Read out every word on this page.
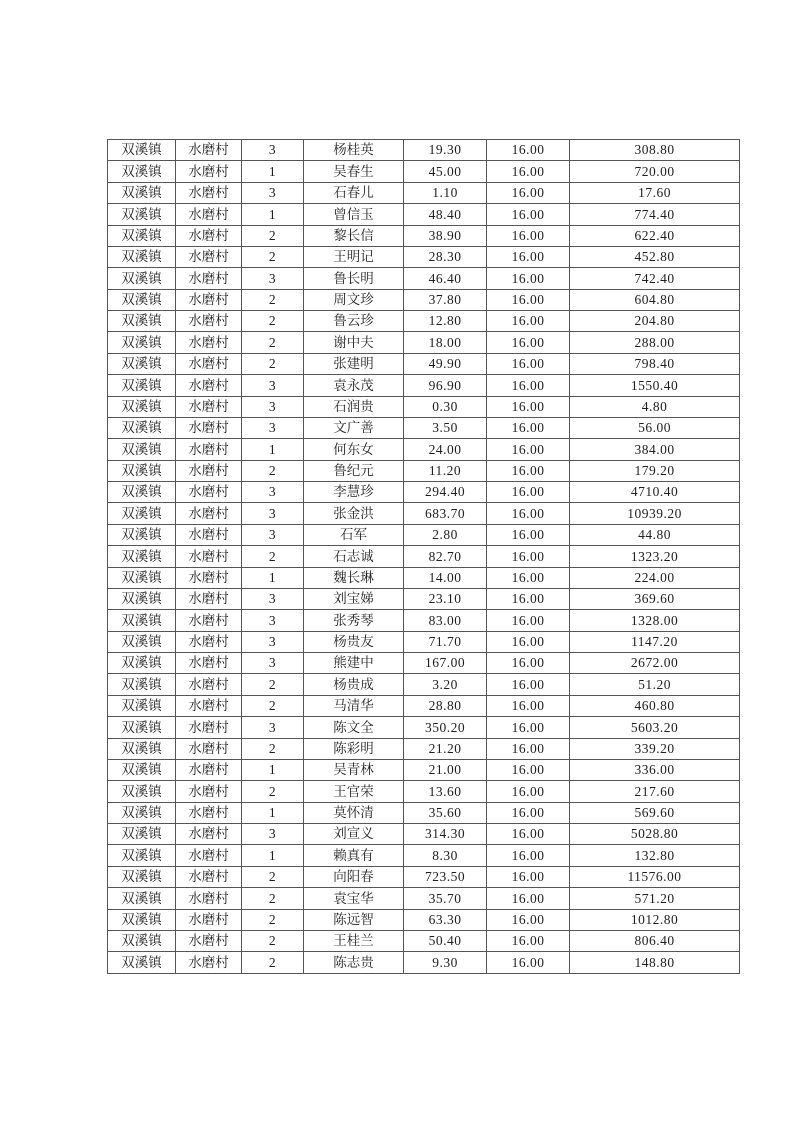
双溪镇	水磨村	3	杨桂英	19.30	16.00	308.80
双溪镇	水磨村	1	吴春生	45.00	16.00	720.00
双溪镇	水磨村	3	石春儿	1.10	16.00	17.60
双溪镇	水磨村	1	曾信玉	48.40	16.00	774.40
双溪镇	水磨村	2	黎长信	38.90	16.00	622.40
双溪镇	水磨村	2	王明记	28.30	16.00	452.80
双溪镇	水磨村	3	鲁长明	46.40	16.00	742.40
双溪镇	水磨村	2	周文珍	37.80	16.00	604.80
双溪镇	水磨村	2	鲁云珍	12.80	16.00	204.80
双溪镇	水磨村	2	谢中夫	18.00	16.00	288.00
双溪镇	水磨村	2	张建明	49.90	16.00	798.40
双溪镇	水磨村	3	袁永茂	96.90	16.00	1550.40
双溪镇	水磨村	3	石润贵	0.30	16.00	4.80
双溪镇	水磨村	3	文广善	3.50	16.00	56.00
双溪镇	水磨村	1	何东女	24.00	16.00	384.00
双溪镇	水磨村	2	鲁纪元	11.20	16.00	179.20
双溪镇	水磨村	3	李慧珍	294.40	16.00	4710.40
双溪镇	水磨村	3	张金洪	683.70	16.00	10939.20
双溪镇	水磨村	3	石军	2.80	16.00	44.80
双溪镇	水磨村	2	石志诚	82.70	16.00	1323.20
双溪镇	水磨村	1	魏长琳	14.00	16.00	224.00
双溪镇	水磨村	3	刘宝娣	23.10	16.00	369.60
双溪镇	水磨村	3	张秀琴	83.00	16.00	1328.00
双溪镇	水磨村	3	杨贵友	71.70	16.00	1147.20
双溪镇	水磨村	3	熊建中	167.00	16.00	2672.00
双溪镇	水磨村	2	杨贵成	3.20	16.00	51.20
双溪镇	水磨村	2	马清华	28.80	16.00	460.80
双溪镇	水磨村	3	陈文全	350.20	16.00	5603.20
双溪镇	水磨村	2	陈彩明	21.20	16.00	339.20
双溪镇	水磨村	1	吴青林	21.00	16.00	336.00
双溪镇	水磨村	2	王官荣	13.60	16.00	217.60
双溪镇	水磨村	1	莫怀清	35.60	16.00	569.60
双溪镇	水磨村	3	刘宣义	314.30	16.00	5028.80
双溪镇	水磨村	1	赖真有	8.30	16.00	132.80
双溪镇	水磨村	2	向阳春	723.50	16.00	11576.00
双溪镇	水磨村	2	袁宝华	35.70	16.00	571.20
双溪镇	水磨村	2	陈远智	63.30	16.00	1012.80
双溪镇	水磨村	2	王桂兰	50.40	16.00	806.40
双溪镇	水磨村	2	陈志贵	9.30	16.00	148.80
